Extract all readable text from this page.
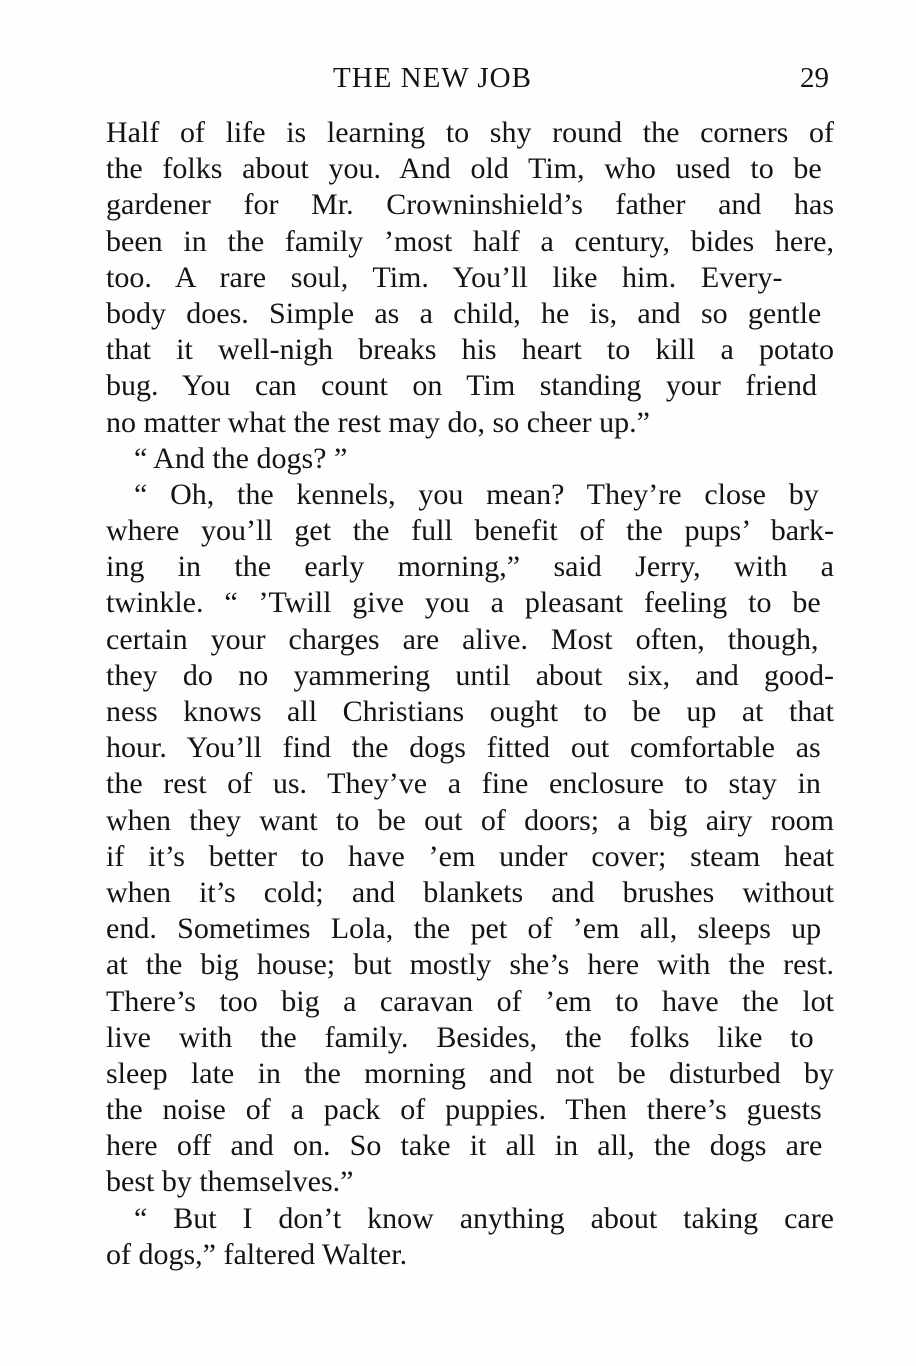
THE NEW JOB	29
Half of life is learning to shy round the corners of
the folks about you. And old Tim, who used to be
gardener for Mr. Crowninshield’s father and has
been in the family ’most half a century, bides here,
too. A rare soul, Tim. You’ll like him. Every-
body does. Simple as a child, he is, and so gentle
that it well-nigh breaks his heart to kill a potato
bug. You can count on Tim standing your friend
no matter what the rest may do, so cheer up.”
“ And the dogs? ”
“ Oh, the kennels, you mean? They’re close by
where you’ll get the full benefit of the pups’ bark-
ing in the early morning,” said Jerry, with a
twinkle. “ ’Twill give you a pleasant feeling to be
certain your charges are alive. Most often, though,
they do no yammering until about six, and good-
ness knows all Christians ought to be up at that
hour. You’ll find the dogs fitted out comfortable as
the rest of us. They’ve a fine enclosure to stay in
when they want to be out of doors; a big airy room
if it’s better to have ’em under cover; steam heat
when it’s cold; and blankets and brushes without
end. Sometimes Lola, the pet of ’em all, sleeps up
at the big house; but mostly she’s here with the rest.
There’s too big a caravan of ’em to have the lot
live with the family. Besides, the folks like to
sleep late in the morning and not be disturbed by
the noise of a pack of puppies. Then there’s guests
here off and on. So take it all in all, the dogs are
best by themselves.”
“ But I don’t know anything about taking care
of dogs,” faltered Walter.
